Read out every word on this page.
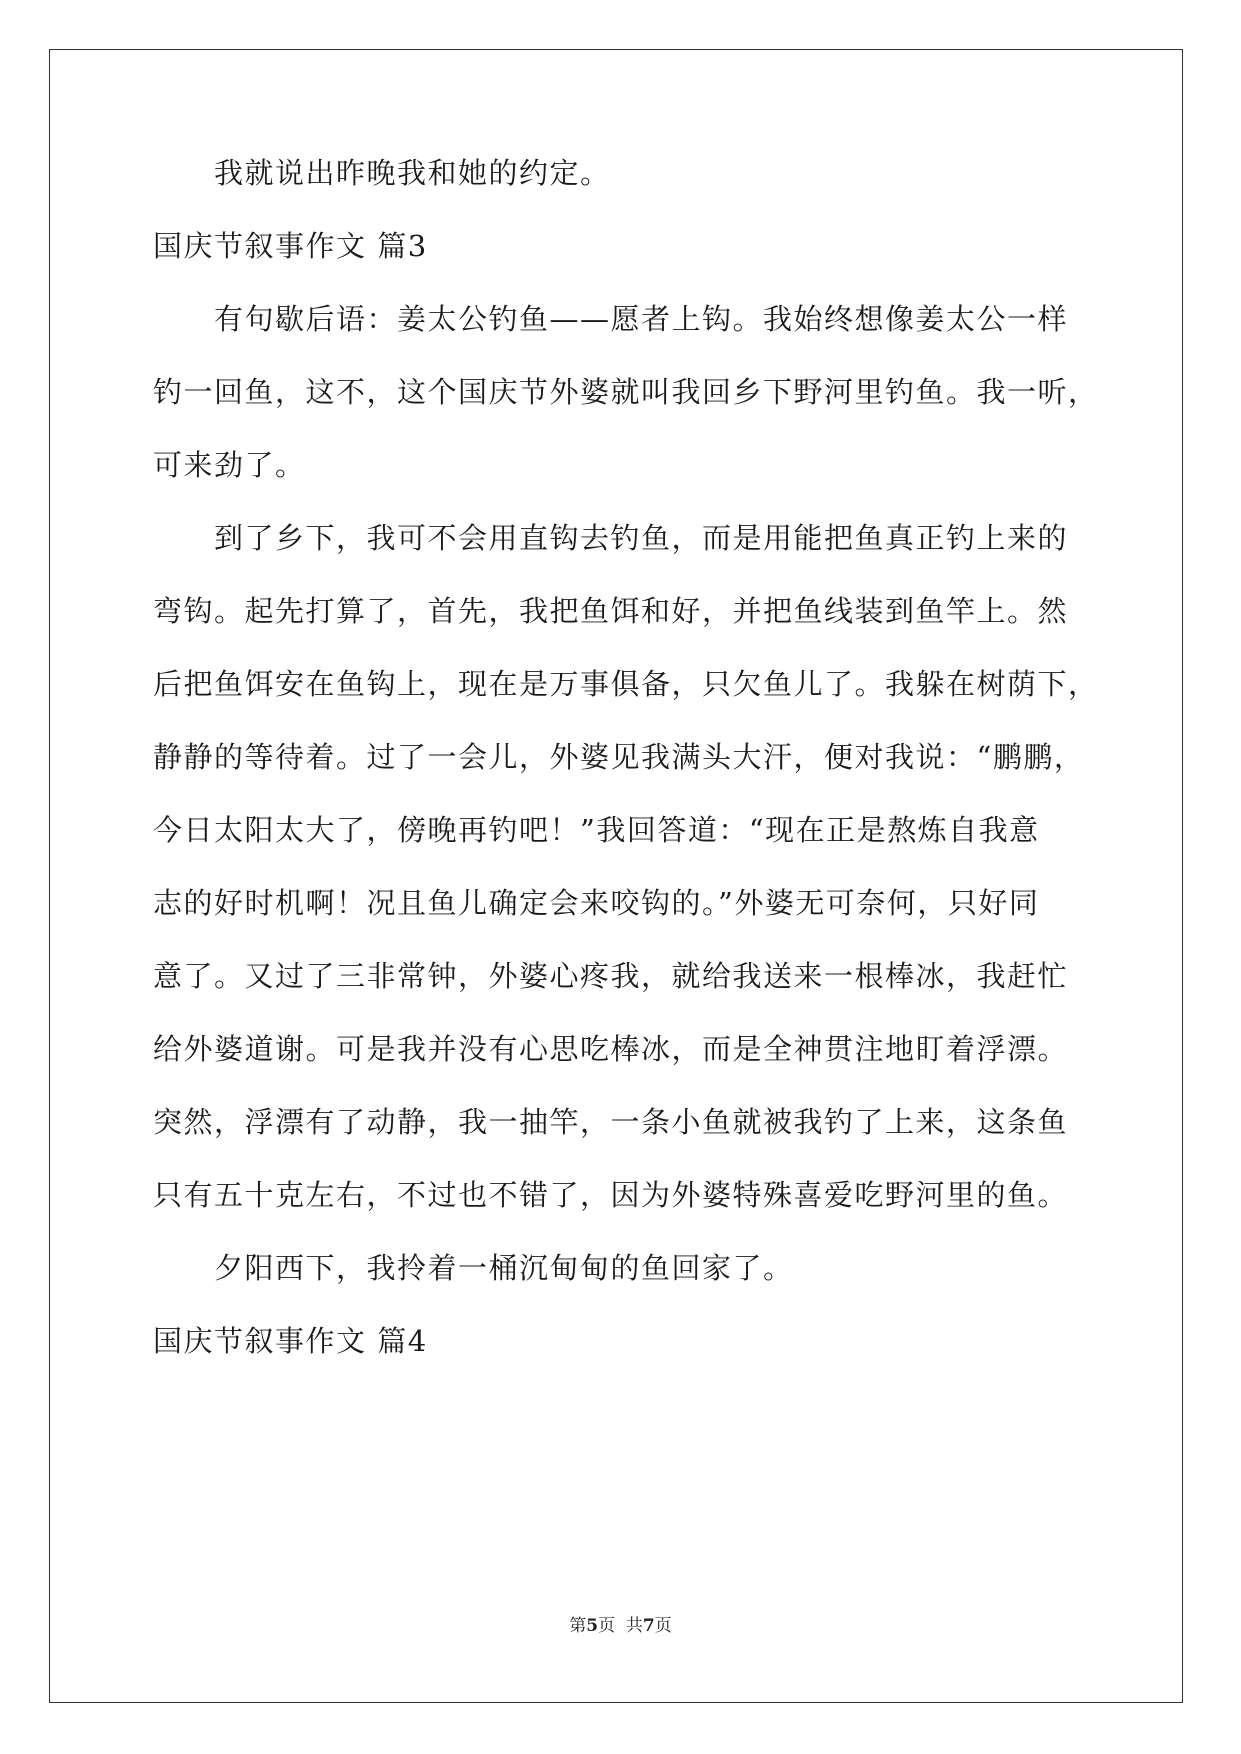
我就说出昨晚我和她的约定。
国庆节叙事作文 篇3
有句歇后语：姜太公钓鱼——愿者上钩。我始终想像姜太公一样
钓一回鱼，这不，这个国庆节外婆就叫我回乡下野河里钓鱼。我一听，
可来劲了。
到了乡下，我可不会用直钩去钓鱼，而是用能把鱼真正钓上来的
弯钩。起先打算了，首先，我把鱼饵和好，并把鱼线装到鱼竿上。然
后把鱼饵安在鱼钩上，现在是万事俱备，只欠鱼儿了。我躲在树荫下，
静静的等待着。过了一会儿，外婆见我满头大汗，便对我说：“鹏鹏，
今日太阳太大了，傍晚再钓吧！”我回答道：“现在正是熬炼自我意
志的好时机啊！况且鱼儿确定会来咬钩的。”外婆无可奈何，只好同
意了。又过了三非常钟，外婆心疼我，就给我送来一根棒冰，我赶忙
给外婆道谢。可是我并没有心思吃棒冰，而是全神贯注地盯着浮漂。
突然，浮漂有了动静，我一抽竿，一条小鱼就被我钓了上来，这条鱼
只有五十克左右，不过也不错了，因为外婆特殊喜爱吃野河里的鱼。
夕阳西下，我拎着一桶沉甸甸的鱼回家了。
国庆节叙事作文 篇4
第5页  共7页
